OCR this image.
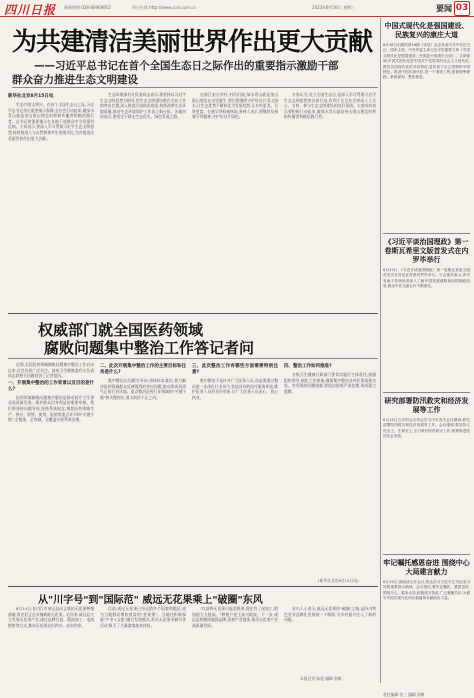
四川日报 新闻热线:028-86968952	四川在线 http://www.scol.com.cn	2023年8月16日 星期三	要闻 03
为共建清洁美丽世界作出更大贡献
——习近平总书记在首个全国生态日之际作出的重要指示激励干部
群众奋力推进生态文明建设

新华社北京8月15日电

生态兴则文明兴。在首个全国生态日之际,习近平总书记作出重要指示强调,全社会行动起来,做绿水青山就是金山银山理念的积极传播者和模范践行者。总书记的重要指示在各地干部群众中引发强烈反响。大家表示,要深入学习贯彻习近平生态文明思想,持续推进人与自然和谐共生的现代化,为共建清洁美丽世界作出更大贡献。

生态环境部有关负责同志表示,将坚持以习近平生态文明思想为指导,把生态文明建设摆在全局工作的突出位置,深入推进污染防治攻坚,持续改善生态环境质量,推动生态环境保护工作再上新台阶。各地纷纷表示,要坚定不移走生态优先、绿色发展之路。

在浙江安吉余村,村民们说,绿水青山就是金山银山理念在这里诞生,我们要继续守护好这片青山绿水,让生态优势不断转化为发展优势,让乡村更美、百姓更富。在塞罕坝机械林场,务林人表示,要继续发扬塞罕坝精神,守护好这片绿色。

专家认为,设立全国生态日,是深入学习贯彻习近平生态文明思想的具体行动,有利于在全社会形成人人关心、支持、参与生态文明建设的良好氛围。大家纷纷表示要积极行动起来,做绿水青山就是金山银山理念的积极传播者和模范践行者。

权威部门就全国医药领域
腐败问题集中整治工作答记者问

近期,全国医药领域腐败问题集中整治工作启动以来,社会各界广泛关注。国家卫生健康委有关负责同志就相关问题回答了记者提问。

一、开展集中整治的工作背景以及目的是什么?

医药领域腐败问题集中整治是推动医疗卫生事业高质量发展、维护群众切身利益的重要举措。我们将坚持问题导向,坚持系统观念,聚焦医药领域生产、供应、销售、使用、报销等重点环节和"关键少数",全链条、全领域、全覆盖开展系统治理。

二、此次开展集中整治工作的主要目标和任务是什么?

集中整治以问题为导向,坚持标本兼治,着力解决医药领域群众反映强烈的突出问题,推动形成风清气正的行业环境。重点整治医药行业领域的"关键少数"和关键岗位,着力纠治不正之风。

三、此次整治工作有哪些方面需要特别注意?

集中整治不是针对广大医务人员,而是要通过整治进一步净化行业风气,营造良好的医疗服务环境,维护医务人员的良好形象,让广大医务人员安心、放心执业。

四、整治工作如何推进?

各级卫生健康行政部门要切实履行主体责任,加强组织领导,细化工作措施,确保集中整治各项任务落到实处。对发现的问题线索,要依法依规严肃处理,形成强大震慑。

(新华社北京8月15日电)
从"川字号"到"国际范" 威远无花果乘上"破圈"东风

8月14日,在内江市威远县向义镇的无花果种植基地,果农们正在采摘新鲜无花果。近年来,威远县大力发展无花果产业,通过品牌打造、精深加工、电商销售等方式,推动无花果走出四川、走向世界。

目前,威远无花果已经远销多个国家和地区,成为当地群众增收致富的"金果果"。当地还积极探索"产业+文旅"融合发展模式,举办无花果采摘节等活动,吸引了大量游客前来体验。

"以前种无花果只能卖鲜果,现在有了深加工,附加值大大提高。"种植户老王高兴地说。下一步,威远县将继续做强品牌,延伸产业链条,推动无花果产业高质量发展。

业内人士表示,威远无花果的"破圈"之路,是四川特色农业品牌化发展的一个缩影,为乡村振兴注入了新的动能。

本报记者 陈松 编辑 张帆
中国式现代化是强国建设、民族复兴的康庄大道
8月16日出版的第16期《求是》杂志发表中共中央总书记、国家主席、中央军委主席习近平的重要文章《中国式现代化是强国建设、民族复兴的康庄大道》。文章强调,中国式现代化是中国共产党领导的社会主义现代化,既有各国现代化的共同特征,更有基于自己国情的中国特色。推进中国式现代化,是一个系统工程,需要统筹兼顾、系统谋划、整体推进。
《习近平谈治国理政》第一卷斯瓦希里文版首发式在内罗毕举行
8月14日,《习近平谈治国理政》第一卷斯瓦希里文版首发式在肯尼亚首都内罗毕举行。与会嘉宾表示,该书有助于非洲读者深入了解中国发展道路和治国理政经验,推动中非交流合作不断深化。
研究部署防汛救灾和经济发展等工作
8月15日召开的会议传达学习中央有关会议精神,研究部署防汛救灾和经济发展等工作。会议强调,要坚持人民至上、生命至上,全力做好防汛救灾工作,统筹推进经济社会发展。
牢记嘱托感恩奋进 围绕中心大局建言献力
8月15日,省政协召开会议,传达学习习近平总书记来川视察重要指示精神。会议指出,要牢记嘱托、感恩奋进,围绕中心、服务大局,积极建言资政,广泛凝聚共识,为谱写中国式现代化四川新篇章贡献政协力量。
责任编辑 张三 编辑 张帆
